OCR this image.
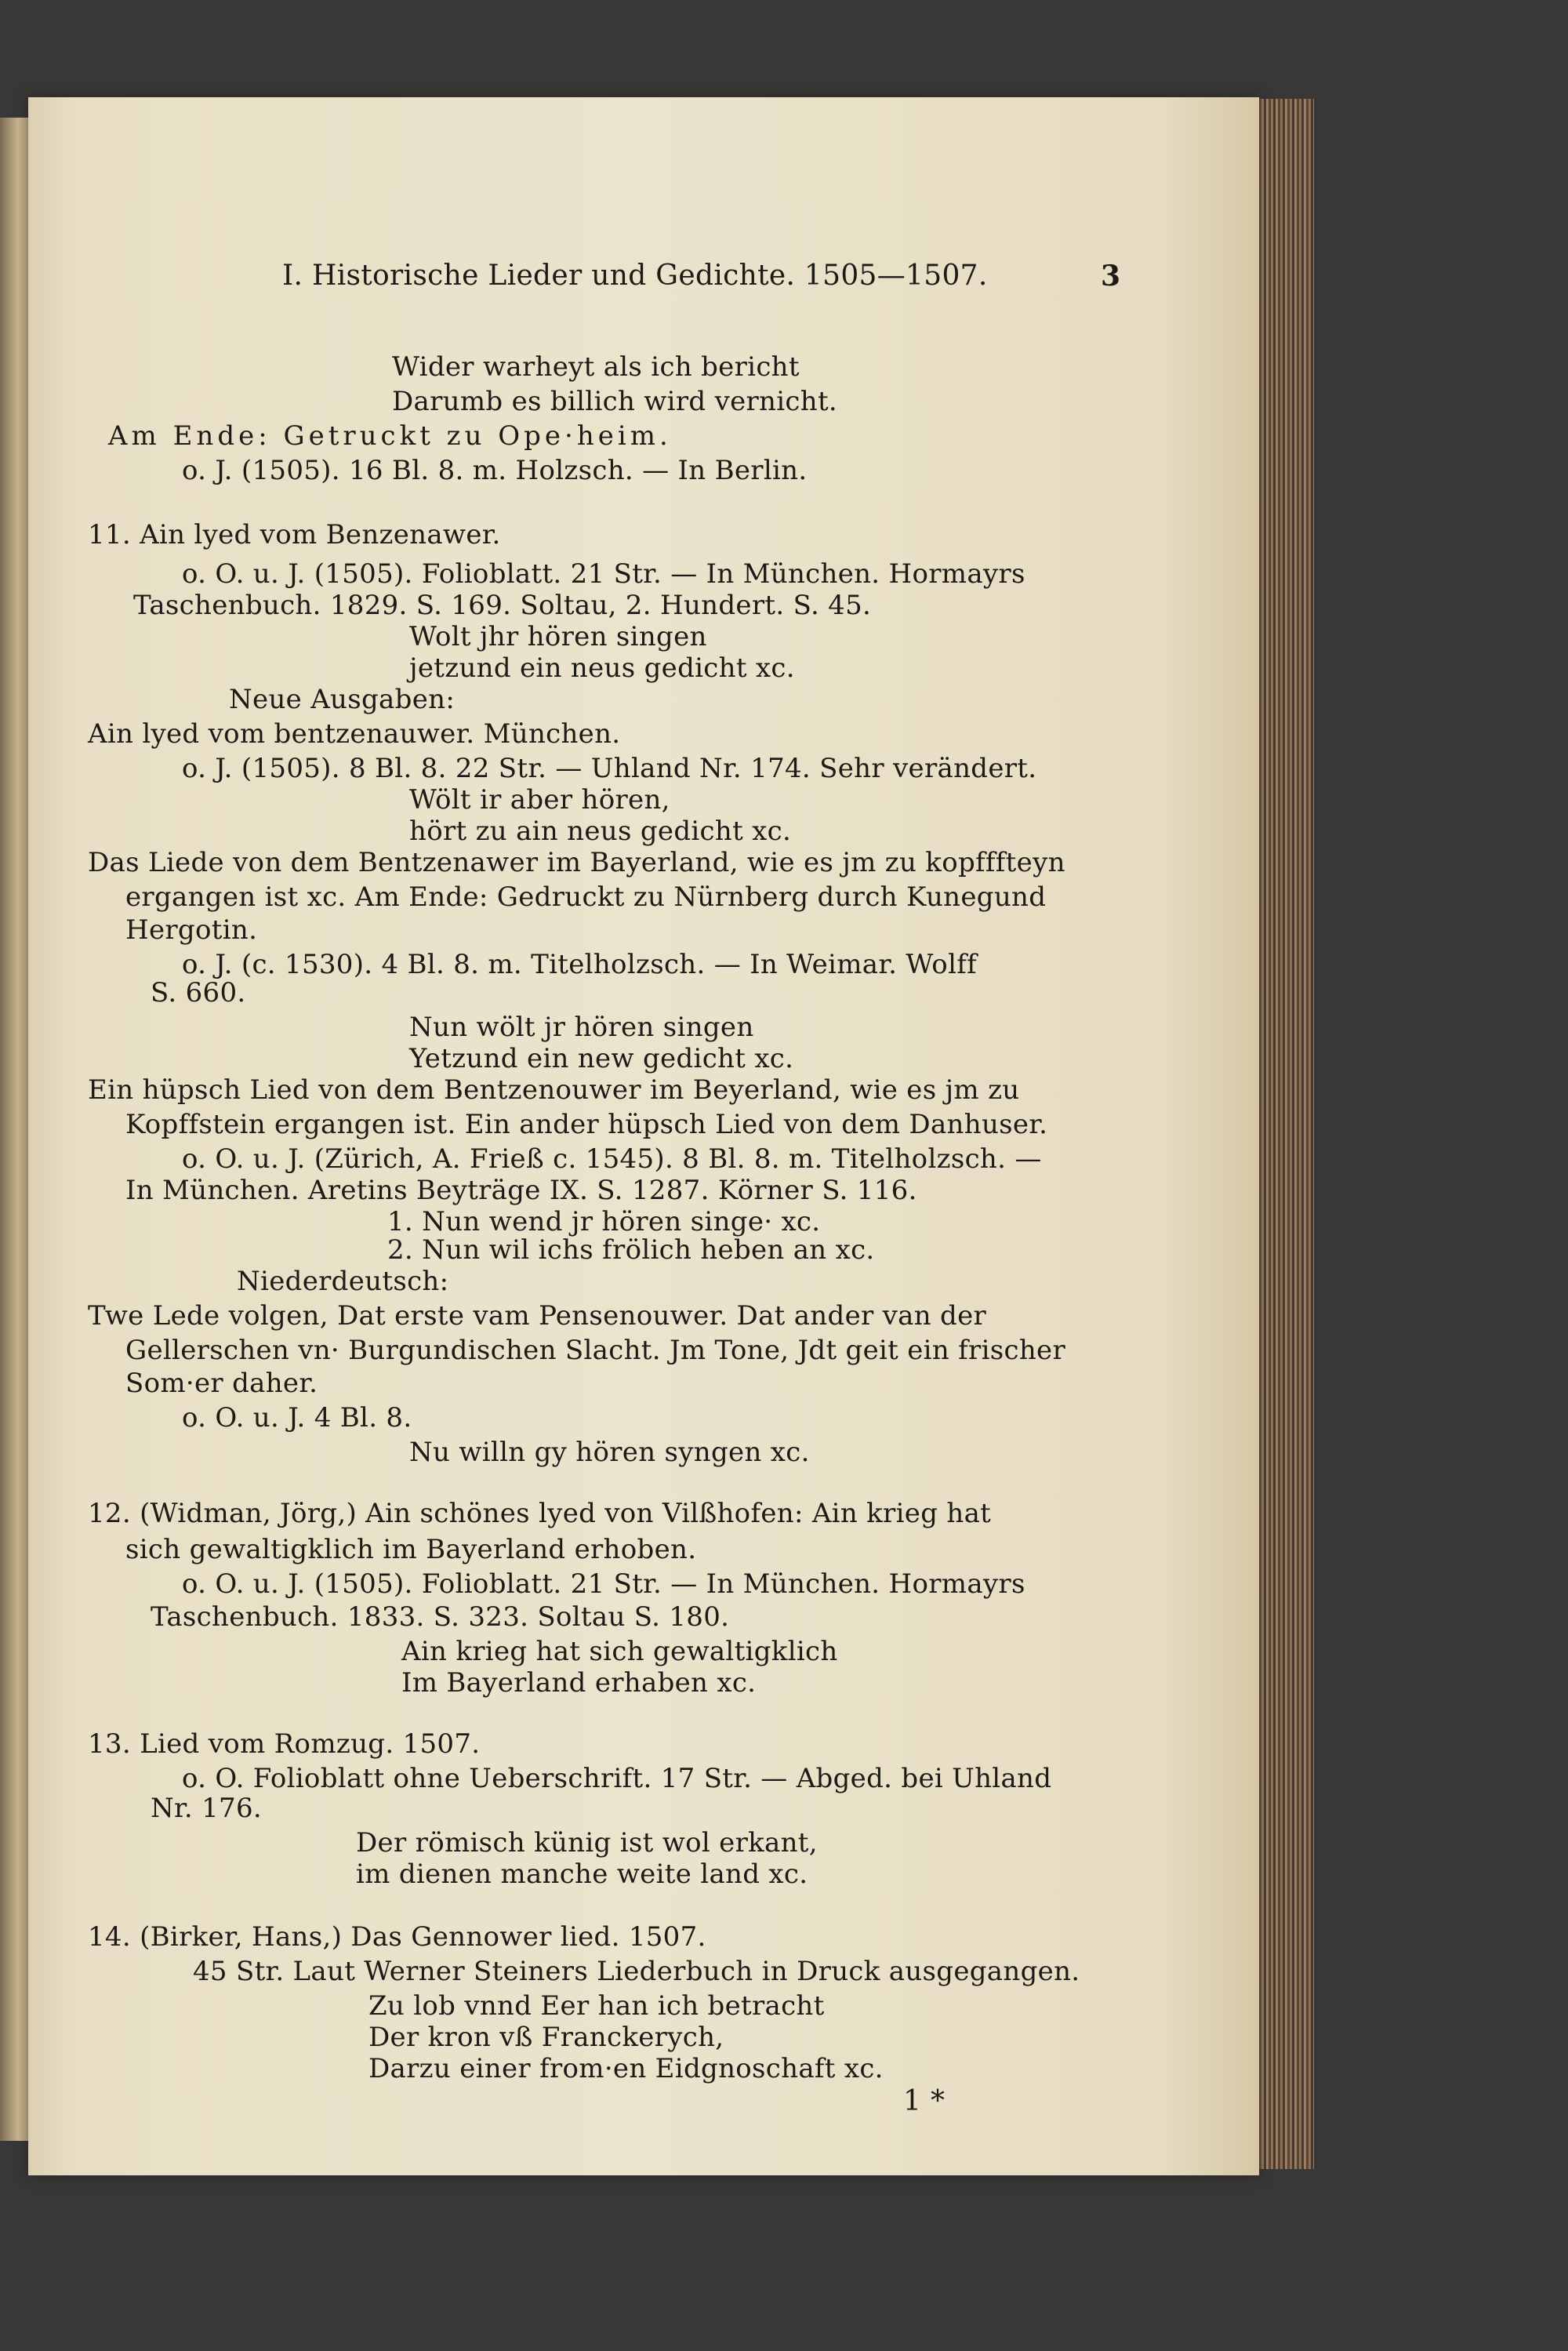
I. Historische Lieder und Gedichte. 1505—1507.	3
Wider warheyt als ich bericht
Darumb es billich wird vernicht.
Am Ende: Getruckt zu Ope·heim.
o. J. (1505). 16 Bl. 8. m. Holzsch. — In Berlin.
11. Ain lyed vom Benzenawer.
o. O. u. J. (1505). Folioblatt. 21 Str. — In München. Hormayrs
Taschenbuch. 1829. S. 169. Soltau, 2. Hundert. S. 45.
Wolt jhr hören singen
jetzund ein neus gedicht xc.
Neue Ausgaben:
Ain lyed vom bentzenauwer. München.
o. J. (1505). 8 Bl. 8. 22 Str. — Uhland Nr. 174. Sehr verändert.
Wölt ir aber hören,
hört zu ain neus gedicht xc.
Das Liede von dem Bentzenawer im Bayerland, wie es jm zu kopfffteyn
ergangen ist xc. Am Ende: Gedruckt zu Nürnberg durch Kunegund
Hergotin.
o. J. (c. 1530). 4 Bl. 8. m. Titelholzsch. — In Weimar. Wolff
S. 660.
Nun wölt jr hören singen
Yetzund ein new gedicht xc.
Ein hüpsch Lied von dem Bentzenouwer im Beyerland, wie es jm zu
Kopffstein ergangen ist. Ein ander hüpsch Lied von dem Danhuser.
o. O. u. J. (Zürich, A. Frieß c. 1545). 8 Bl. 8. m. Titelholzsch. —
In München. Aretins Beyträge IX. S. 1287. Körner S. 116.
1. Nun wend jr hören singe· xc.
2. Nun wil ichs frölich heben an xc.
Niederdeutsch:
Twe Lede volgen, Dat erste vam Pensenouwer. Dat ander van der
Gellerschen vn· Burgundischen Slacht. Jm Tone, Jdt geit ein frischer
Som·er daher.
o. O. u. J. 4 Bl. 8.
Nu willn gy hören syngen xc.
12. (Widman, Jörg,) Ain schönes lyed von Vilßhofen: Ain krieg hat
sich gewaltigklich im Bayerland erhoben.
o. O. u. J. (1505). Folioblatt. 21 Str. — In München. Hormayrs
Taschenbuch. 1833. S. 323. Soltau S. 180.
Ain krieg hat sich gewaltigklich
Im Bayerland erhaben xc.
13. Lied vom Romzug. 1507.
o. O. Folioblatt ohne Ueberschrift. 17 Str. — Abged. bei Uhland
Nr. 176.
Der römisch künig ist wol erkant,
im dienen manche weite land xc.
14. (Birker, Hans,) Das Gennower lied. 1507.
45 Str. Laut Werner Steiners Liederbuch in Druck ausgegangen.
Zu lob vnnd Eer han ich betracht
Der kron vß Franckerych,
Darzu einer from·en Eidgnoschaft xc.
1 *
